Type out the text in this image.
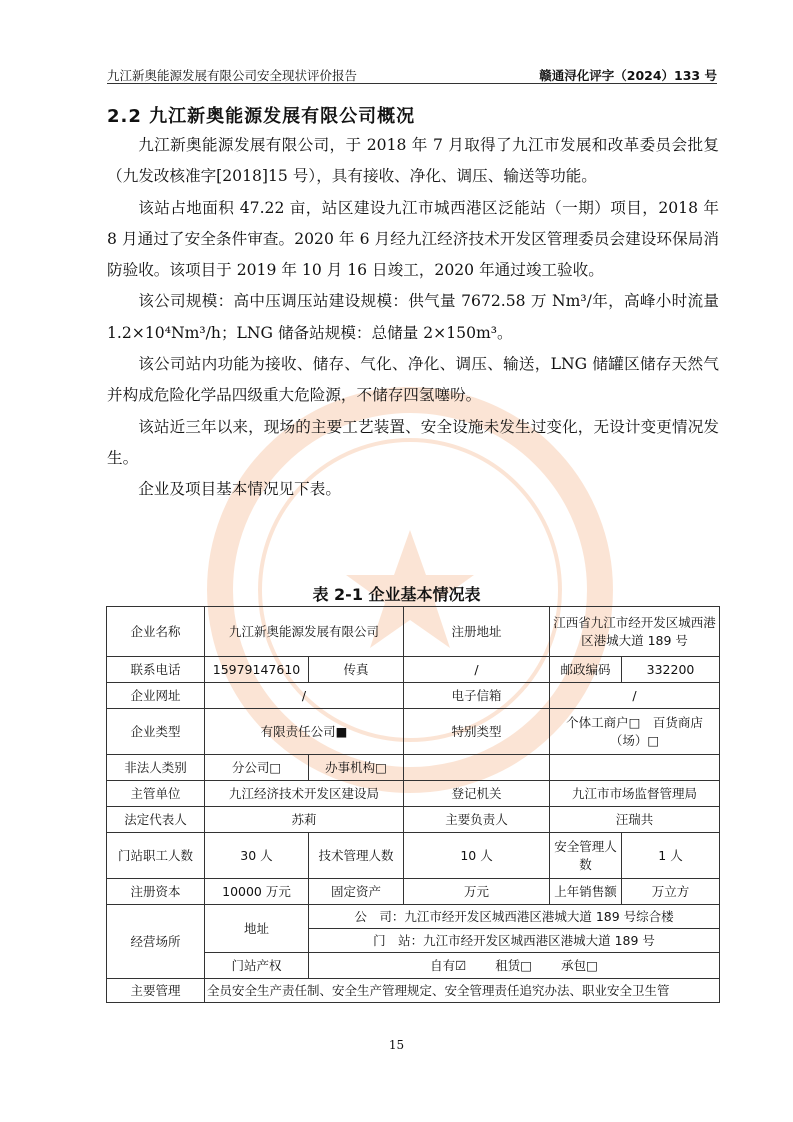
九江新奥能源发展有限公司安全现状评价报告	赣通浔化评字（2024）133 号
2.2 九江新奥能源发展有限公司概况

九江新奥能源发展有限公司，于 2018 年 7 月取得了九江市发展和改革委员会批复（九发改核准字[2018]15 号），具有接收、净化、调压、输送等功能。

该站占地面积 47.22 亩，站区建设九江市城西港区泛能站（一期）项目，2018 年 8 月通过了安全条件审查。2020 年 6 月经九江经济技术开发区管理委员会建设环保局消防验收。该项目于 2019 年 10 月 16 日竣工，2020 年通过竣工验收。

该公司规模：高中压调压站建设规模：供气量 7672.58 万 Nm³/年，高峰小时流量 1.2×10⁴Nm³/h；LNG 储备站规模：总储量 2×150m³。

该公司站内功能为接收、储存、气化、净化、调压、输送，LNG 储罐区储存天然气并构成危险化学品四级重大危险源，不储存四氢噻吩。

该站近三年以来，现场的主要工艺装置、安全设施未发生过变化，无设计变更情况发生。

企业及项目基本情况见下表。

表 2-1 企业基本情况表
企业名称	九江新奥能源发展有限公司		注册地址	江西省九江市经开发区城西港区港城大道 189 号	
联系电话	15979147610	传真	/	邮政编码	332200
企业网址	/		电子信箱	/	
企业类型	有限责任公司■		特别类型	个体工商户□　百货商店（场）□	
非法人类别	分公司□	办事机构□			
主管单位	九江经济技术开发区建设局		登记机关	九江市市场监督管理局	
法定代表人	苏莉		主要负责人	汪瑞共	
门站职工人数	30 人	技术管理人数	10 人	安全管理人数	1 人
注册资本	10000 万元	固定资产	万元	上年销售额	万立方
经营场所	地址	公　司：九江市经开发区城西港区港城大道 189 号综合楼			
		门　站：九江市经开发区城西港区港城大道 189 号			
	门站产权	自有☑　　 租赁□　　 承包□			
主要管理	全员安全生产责任制、安全生产管理规定、安全管理责任追究办法、职业安全卫生管				
15
